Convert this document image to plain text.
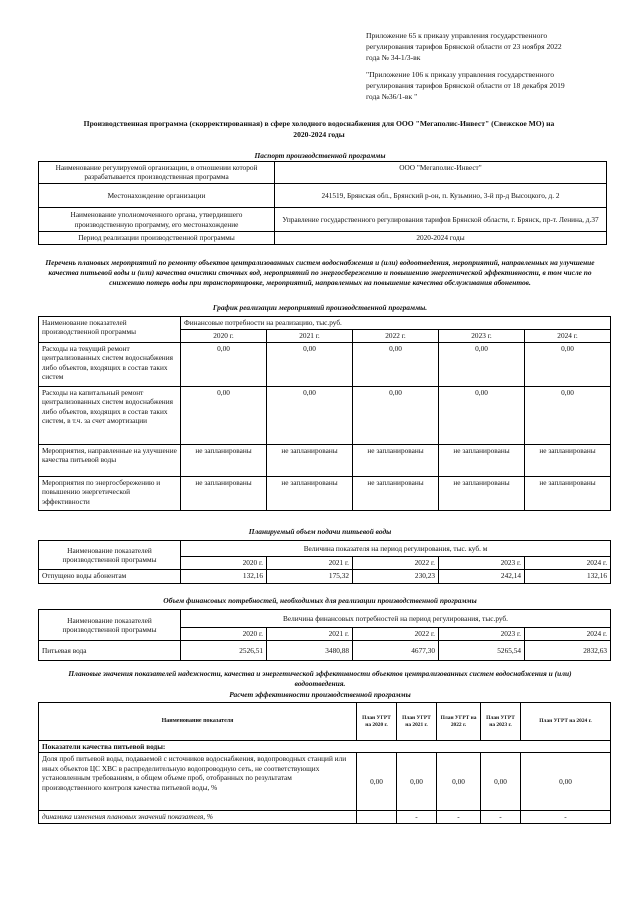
Приложение 65 к приказу управления государственного
регулирования тарифов Брянской области от 23 ноября 2022
года № 34-1/3-вк
"Приложение 106 к приказу управления государственного
регулирования тарифов Брянской области от 18 декабря 2019
года №36/1-вк "
Производственная программа (скорректированная) в сфере холодного водоснабжения для ООО "Мегаполис-Инвест" (Свежское МО) на
2020-2024 годы
Паспорт производственной программы
Наименование регулируемой организации, в отношении которой разрабатывается производственная программа	ООО "Мегаполис-Инвест"
Местонахождение организации	241519, Брянская обл., Брянский р-он, п. Кузьмино, 3-й пр-д Высоцкого, д. 2
Наименование уполномоченного органа, утвердившего производственную программу, его местонахождение	Управление государственного регулирования тарифов Брянской области, г. Брянск, пр-т. Ленина, д.37
Период реализации производственной программы	2020-2024 годы
Перечень плановых мероприятий по ремонту объектов централизованных систем водоснабжения и (или) водоотведения, мероприятий, направленных на улучшение качества питьевой воды и (или) качества очистки сточных вод, мероприятий по энергосбережению и повышению энергетической эффективности, в том числе по снижению потерь воды при транспортировке, мероприятий, направленных на повышение качества обслуживания абонентов.
График реализации мероприятий производственной программы.
Наименование показателей производственной программы	Финансовые потребности на реализацию, тыс.руб.				
	2020 г.	2021 г.	2022 г.	2023 г.	2024 г.
Расходы на текущий ремонт централизованных систем водоснабжения либо объектов, входящих в состав таких систем	0,00	0,00	0,00	0,00	0,00
Расходы на капитальный ремонт централизованных систем водоснабжения либо объектов, входящих в состав таких систем, в т.ч. за счет амортизации	0,00	0,00	0,00	0,00	0,00
Мероприятия, направленные на улучшение качества питьевой воды	не запланированы	не запланированы	не запланированы	не запланированы	не запланированы
Мероприятия по энергосбережению и повышению энергетической эффективности	не запланированы	не запланированы	не запланированы	не запланированы	не запланированы
Планируемый объем подачи питьевой воды
Наименование показателей производственной программы	Величина показателя на период регулирования, тыс. куб. м				
	2020 г.	2021 г.	2022 г.	2023 г.	2024 г.
Отпущено воды абонентам	132,16	175,32	230,23	242,14	132,16
Объем финансовых потребностей, необходимых для реализации производственной программы
Наименование показателей производственной программы	Величина финансовых потребностей на период регулирования, тыс.руб.				
	2020 г.	2021 г.	2022 г.	2023 г.	2024 г.
Питьевая вода	2526,51	3480,88	4677,30	5265,54	2832,63
Плановые значения показателей надежности, качества и энергетической эффективности объектов централизованных систем водоснабжения и (или) водоотведения.
Расчет эффективности производственной программы
Наименование показателя	План УГРТ на 2020 г.	План УГРТ на 2021 г.	План УГРТ на 2022 г.	План УГРТ на 2023 г.	План УГРТ на 2024 г.
Показатели качества питьевой воды:					
Доля проб питьевой воды, подаваемой с источников водоснабжения, водопроводных станций или иных объектов ЦС ХВС в распределительную водопроводную сеть, не соответствующих установленным требованиям, в общем объеме проб, отобранных по результатам производственного контроля качества питьевой воды, %	0,00	0,00	0,00	0,00	0,00
динамика изменения плановых значений показателя, %		-	-	-	-
